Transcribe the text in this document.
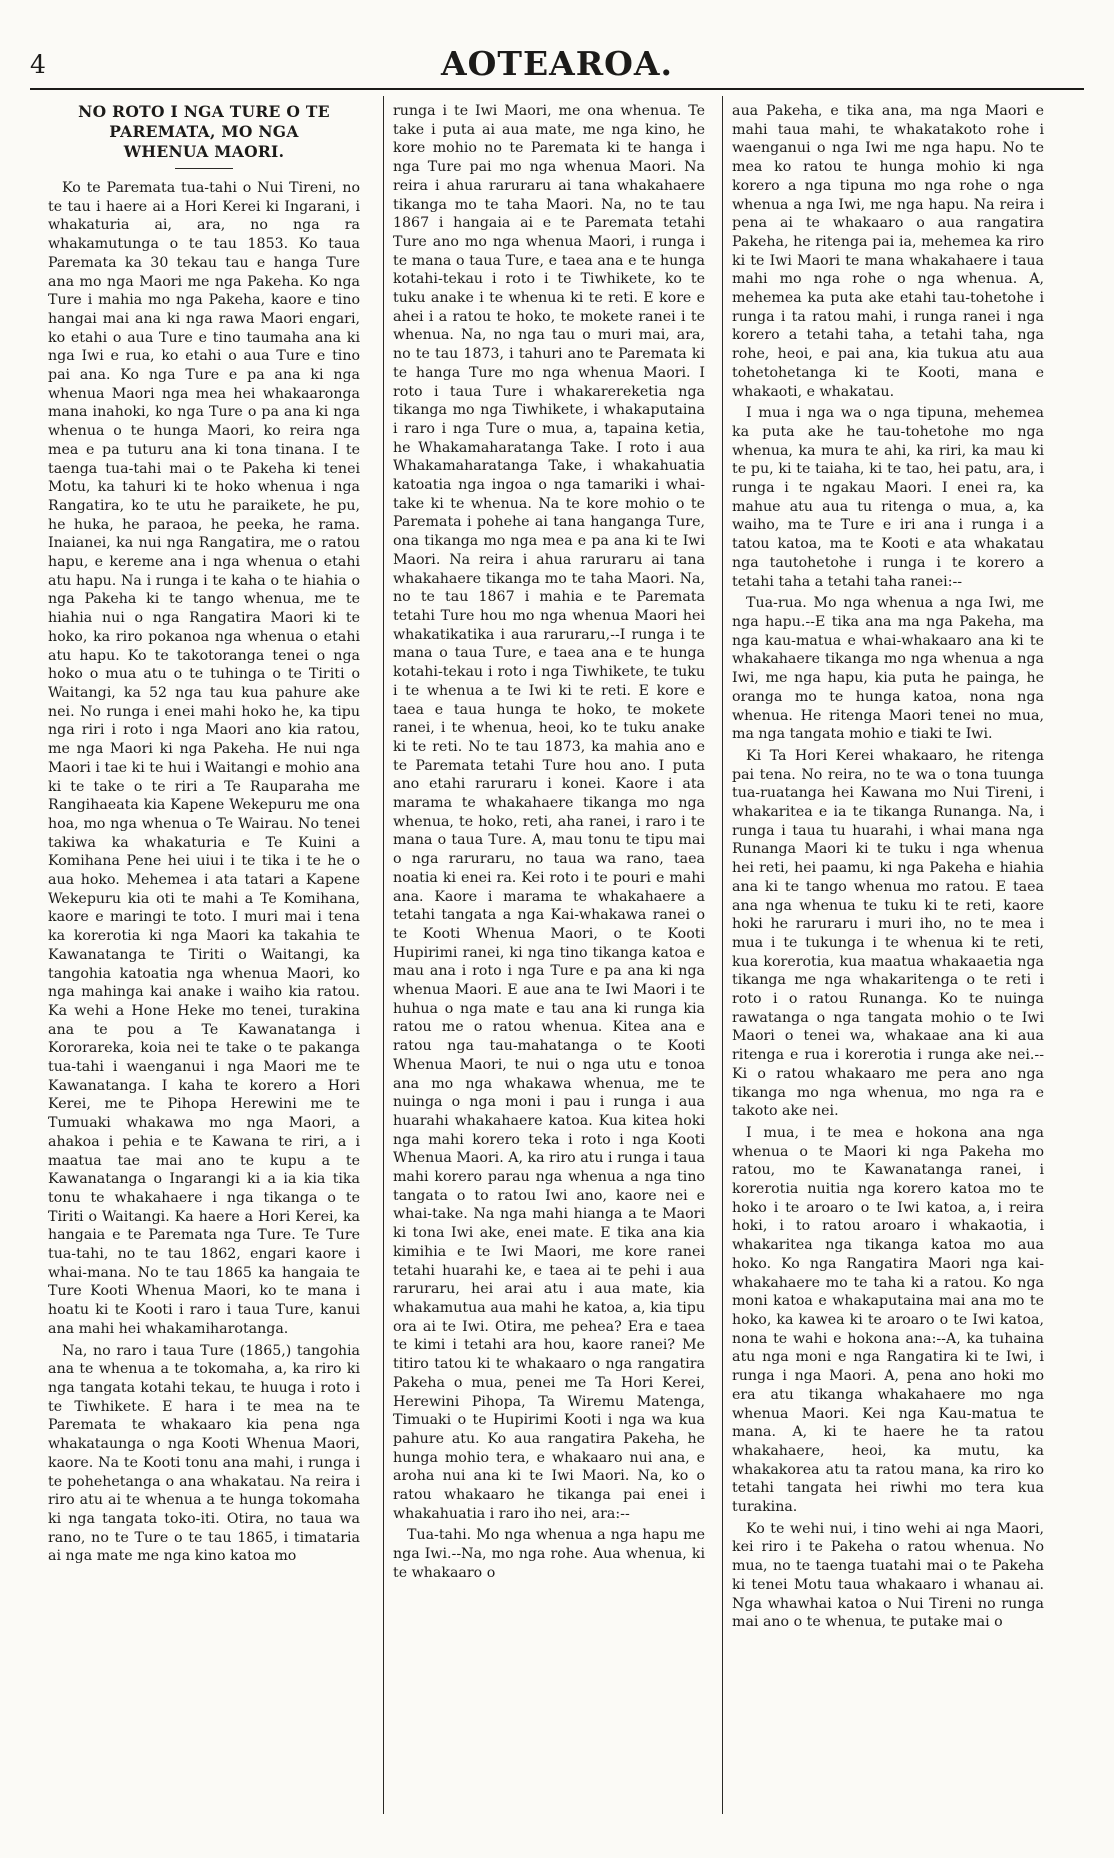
4	AOTEAROA.
NO ROTO I NGA TURE O TE
PAREMATA, MO NGA
WHENUA MAORI.

Ko te Paremata tua-tahi o Nui Tireni, no te tau i haere ai a Hori Kerei ki Ingarani, i whakaturia ai, ara, no nga ra whakamutunga o te tau 1853. Ko taua Paremata ka 30 tekau tau e hanga Ture ana mo nga Maori me nga Pakeha. Ko nga Ture i mahia mo nga Pakeha, kaore e tino hangai mai ana ki nga rawa Maori engari, ko etahi o aua Ture e tino taumaha ana ki nga Iwi e rua, ko etahi o aua Ture e tino pai ana. Ko nga Ture e pa ana ki nga whenua Maori nga mea hei whakaaronga mana inahoki, ko nga Ture o pa ana ki nga whenua o te hunga Maori, ko reira nga mea e pa tuturu ana ki tona tinana. I te taenga tua-tahi mai o te Pakeha ki tenei Motu, ka tahuri ki te hoko whenua i nga Rangatira, ko te utu he paraikete, he pu, he huka, he paraoa, he peeka, he rama. Inaianei, ka nui nga Rangatira, me o ratou hapu, e kereme ana i nga whenua o etahi atu hapu. Na i runga i te kaha o te hiahia o nga Pakeha ki te tango whenua, me te hiahia nui o nga Rangatira Maori ki te hoko, ka riro pokanoa nga whenua o etahi atu hapu. Ko te takotoranga tenei o nga hoko o mua atu o te tuhinga o te Tiriti o Waitangi, ka 52 nga tau kua pahure ake nei. No runga i enei mahi hoko he, ka tipu nga riri i roto i nga Maori ano kia ratou, me nga Maori ki nga Pakeha. He nui nga Maori i tae ki te hui i Waitangi e mohio ana ki te take o te riri a Te Rauparaha me Rangihaeata kia Kapene Wekepuru me ona hoa, mo nga whenua o Te Wairau. No tenei takiwa ka whakaturia e Te Kuini a Komihana Pene hei uiui i te tika i te he o aua hoko. Mehemea i ata tatari a Kapene Wekepuru kia oti te mahi a Te Komihana, kaore e maringi te toto. I muri mai i tena ka korerotia ki nga Maori ka takahia te Kawanatanga te Tiriti o Waitangi, ka tangohia katoatia nga whenua Maori, ko nga mahinga kai anake i waiho kia ratou. Ka wehi a Hone Heke mo tenei, turakina ana te pou a Te Kawanatanga i Kororareka, koia nei te take o te pakanga tua-tahi i waenganui i nga Maori me te Kawanatanga. I kaha te korero a Hori Kerei, me te Pihopa Herewini me te Tumuaki whakawa mo nga Maori, a ahakoa i pehia e te Kawana te riri, a i maatua tae mai ano te kupu a te Kawanatanga o Ingarangi ki a ia kia tika tonu te whakahaere i nga tikanga o te Tiriti o Waitangi. Ka haere a Hori Kerei, ka hangaia e te Paremata nga Ture. Te Ture tua-tahi, no te tau 1862, engari kaore i whai-mana. No te tau 1865 ka hangaia te Ture Kooti Whenua Maori, ko te mana i hoatu ki te Kooti i raro i taua Ture, kanui ana mahi hei whakamiharotanga.

Na, no raro i taua Ture (1865,) tangohia ana te whenua a te tokomaha, a, ka riro ki nga tangata kotahi tekau, te huuga i roto i te Tiwhikete. E hara i te mea na te Paremata te whakaaro kia pena nga whakataunga o nga Kooti Whenua Maori, kaore. Na te Kooti tonu ana mahi, i runga i te pohehetanga o ana whakatau. Na reira i riro atu ai te whenua a te hunga tokomaha ki nga tangata toko-iti. Otira, no taua wa rano, no te Ture o te tau 1865, i timataria ai nga mate me nga kino katoa mo

runga i te Iwi Maori, me ona whenua. Te take i puta ai aua mate, me nga kino, he kore mohio no te Paremata ki te hanga i nga Ture pai mo nga whenua Maori. Na reira i ahua raruraru ai tana whakahaere tikanga mo te taha Maori. Na, no te tau 1867 i hangaia ai e te Paremata tetahi Ture ano mo nga whenua Maori, i runga i te mana o taua Ture, e taea ana e te hunga kotahi-tekau i roto i te Tiwhikete, ko te tuku anake i te whenua ki te reti. E kore e ahei i a ratou te hoko, te mokete ranei i te whenua. Na, no nga tau o muri mai, ara, no te tau 1873, i tahuri ano te Paremata ki te hanga Ture mo nga whenua Maori. I roto i taua Ture i whakarereketia nga tikanga mo nga Tiwhikete, i whakaputaina i raro i nga Ture o mua, a, tapaina ketia, he Whakamaharatanga Take. I roto i aua Whakamaharatanga Take, i whakahuatia katoatia nga ingoa o nga tamariki i whai-take ki te whenua. Na te kore mohio o te Paremata i pohehe ai tana hanganga Ture, ona tikanga mo nga mea e pa ana ki te Iwi Maori. Na reira i ahua raruraru ai tana whakahaere tikanga mo te taha Maori. Na, no te tau 1867 i mahia e te Paremata tetahi Ture hou mo nga whenua Maori hei whakatikatika i aua raruraru,--I runga i te mana o taua Ture, e taea ana e te hunga kotahi-tekau i roto i nga Tiwhikete, te tuku i te whenua a te Iwi ki te reti. E kore e taea e taua hunga te hoko, te mokete ranei, i te whenua, heoi, ko te tuku anake ki te reti. No te tau 1873, ka mahia ano e te Paremata tetahi Ture hou ano. I puta ano etahi raruraru i konei. Kaore i ata marama te whakahaere tikanga mo nga whenua, te hoko, reti, aha ranei, i raro i te mana o taua Ture. A, mau tonu te tipu mai o nga raruraru, no taua wa rano, taea noatia ki enei ra. Kei roto i te pouri e mahi ana. Kaore i marama te whakahaere a tetahi tangata a nga Kai-whakawa ranei o te Kooti Whenua Maori, o te Kooti Hupirimi ranei, ki nga tino tikanga katoa e mau ana i roto i nga Ture e pa ana ki nga whenua Maori. E aue ana te Iwi Maori i te huhua o nga mate e tau ana ki runga kia ratou me o ratou whenua. Kitea ana e ratou nga tau-mahatanga o te Kooti Whenua Maori, te nui o nga utu e tonoa ana mo nga whakawa whenua, me te nuinga o nga moni i pau i runga i aua huarahi whakahaere katoa. Kua kitea hoki nga mahi korero teka i roto i nga Kooti Whenua Maori. A, ka riro atu i runga i taua mahi korero parau nga whenua a nga tino tangata o to ratou Iwi ano, kaore nei e whai-take. Na nga mahi hianga a te Maori ki tona Iwi ake, enei mate. E tika ana kia kimihia e te Iwi Maori, me kore ranei tetahi huarahi ke, e taea ai te pehi i aua raruraru, hei arai atu i aua mate, kia whakamutua aua mahi he katoa, a, kia tipu ora ai te Iwi. Otira, me pehea? Era e taea te kimi i tetahi ara hou, kaore ranei? Me titiro tatou ki te whakaaro o nga rangatira Pakeha o mua, penei me Ta Hori Kerei, Herewini Pihopa, Ta Wiremu Matenga, Timuaki o te Hupirimi Kooti i nga wa kua pahure atu. Ko aua rangatira Pakeha, he hunga mohio tera, e whakaaro nui ana, e aroha nui ana ki te Iwi Maori. Na, ko o ratou whakaaro he tikanga pai enei i whakahuatia i raro iho nei, ara:--

Tua-tahi. Mo nga whenua a nga hapu me nga Iwi.--Na, mo nga rohe. Aua whenua, ki te whakaaro o

aua Pakeha, e tika ana, ma nga Maori e mahi taua mahi, te whakatakoto rohe i waenganui o nga Iwi me nga hapu. No te mea ko ratou te hunga mohio ki nga korero a nga tipuna mo nga rohe o nga whenua a nga Iwi, me nga hapu. Na reira i pena ai te whakaaro o aua rangatira Pakeha, he ritenga pai ia, mehemea ka riro ki te Iwi Maori te mana whakahaere i taua mahi mo nga rohe o nga whenua. A, mehemea ka puta ake etahi tau-tohetohe i runga i ta ratou mahi, i runga ranei i nga korero a tetahi taha, a tetahi taha, nga rohe, heoi, e pai ana, kia tukua atu aua tohetohetanga ki te Kooti, mana e whakaoti, e whakatau.

I mua i nga wa o nga tipuna, mehemea ka puta ake he tau-tohetohe mo nga whenua, ka mura te ahi, ka riri, ka mau ki te pu, ki te taiaha, ki te tao, hei patu, ara, i runga i te ngakau Maori. I enei ra, ka mahue atu aua tu ritenga o mua, a, ka waiho, ma te Ture e iri ana i runga i a tatou katoa, ma te Kooti e ata whakatau nga tautohetohe i runga i te korero a tetahi taha a tetahi taha ranei:--

Tua-rua. Mo nga whenua a nga Iwi, me nga hapu.--E tika ana ma nga Pakeha, ma nga kau-matua e whai-whakaaro ana ki te whakahaere tikanga mo nga whenua a nga Iwi, me nga hapu, kia puta he painga, he oranga mo te hunga katoa, nona nga whenua. He ritenga Maori tenei no mua, ma nga tangata mohio e tiaki te Iwi.

Ki Ta Hori Kerei whakaaro, he ritenga pai tena. No reira, no te wa o tona tuunga tua-ruatanga hei Kawana mo Nui Tireni, i whakaritea e ia te tikanga Runanga. Na, i runga i taua tu huarahi, i whai mana nga Runanga Maori ki te tuku i nga whenua hei reti, hei paamu, ki nga Pakeha e hiahia ana ki te tango whenua mo ratou. E taea ana nga whenua te tuku ki te reti, kaore hoki he raruraru i muri iho, no te mea i mua i te tukunga i te whenua ki te reti, kua korerotia, kua maatua whakaaetia nga tikanga me nga whakaritenga o te reti i roto i o ratou Runanga. Ko te nuinga rawatanga o nga tangata mohio o te Iwi Maori o tenei wa, whakaae ana ki aua ritenga e rua i korerotia i runga ake nei.--Ki o ratou whakaaro me pera ano nga tikanga mo nga whenua, mo nga ra e takoto ake nei.

I mua, i te mea e hokona ana nga whenua o te Maori ki nga Pakeha mo ratou, mo te Kawanatanga ranei, i korerotia nuitia nga korero katoa mo te hoko i te aroaro o te Iwi katoa, a, i reira hoki, i to ratou aroaro i whakaotia, i whakaritea nga tikanga katoa mo aua hoko. Ko nga Rangatira Maori nga kai-whakahaere mo te taha ki a ratou. Ko nga moni katoa e whakaputaina mai ana mo te hoko, ka kawea ki te aroaro o te Iwi katoa, nona te wahi e hokona ana:--A, ka tuhaina atu nga moni e nga Rangatira ki te Iwi, i runga i nga Maori. A, pena ano hoki mo era atu tikanga whakahaere mo nga whenua Maori. Kei nga Kau-matua te mana. A, ki te haere he ta ratou whakahaere, heoi, ka mutu, ka whakakorea atu ta ratou mana, ka riro ko tetahi tangata hei riwhi mo tera kua turakina.

Ko te wehi nui, i tino wehi ai nga Maori, kei riro i te Pakeha o ratou whenua. No mua, no te taenga tuatahi mai o te Pakeha ki tenei Motu taua whakaaro i whanau ai. Nga whawhai katoa o Nui Tireni no runga mai ano o te whenua, te putake mai o
